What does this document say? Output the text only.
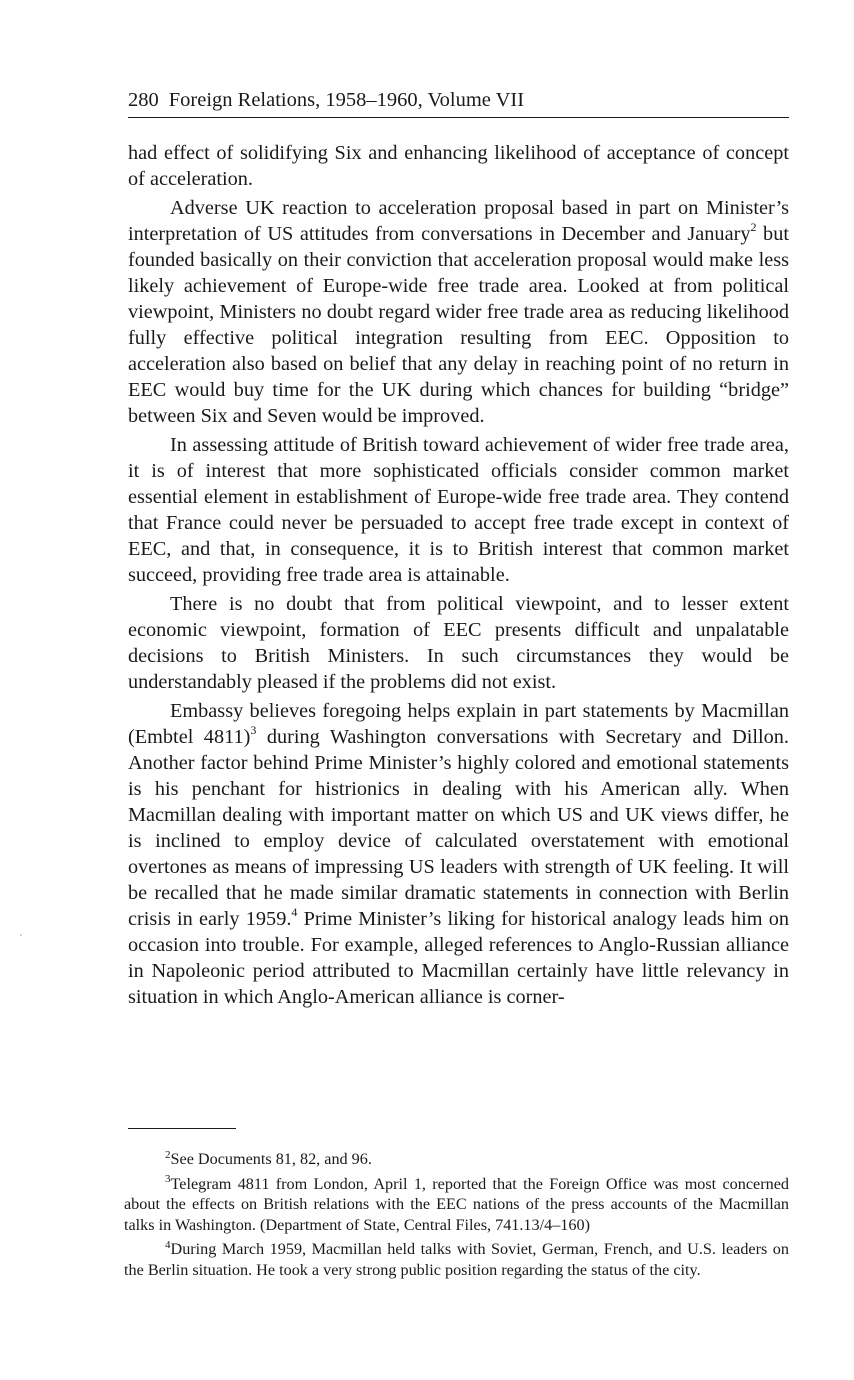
280 Foreign Relations, 1958–1960, Volume VII

had effect of solidifying Six and enhancing likelihood of acceptance of concept of acceleration.

Adverse UK reaction to acceleration proposal based in part on Minister’s interpretation of US attitudes from conversations in December and January$^2$ but founded basically on their conviction that acceleration proposal would make less likely achievement of Europe-wide free trade area. Looked at from political viewpoint, Ministers no doubt regard wider free trade area as reducing likelihood fully effective political integration resulting from EEC. Opposition to acceleration also based on belief that any delay in reaching point of no return in EEC would buy time for the UK during which chances for building “bridge” between Six and Seven would be improved.

In assessing attitude of British toward achievement of wider free trade area, it is of interest that more sophisticated officials consider common market essential element in establishment of Europe-wide free trade area. They contend that France could never be persuaded to accept free trade except in context of EEC, and that, in consequence, it is to British interest that common market succeed, providing free trade area is attainable.

There is no doubt that from political viewpoint, and to lesser extent economic viewpoint, formation of EEC presents difficult and unpalatable decisions to British Ministers. In such circumstances they would be understandably pleased if the problems did not exist.

Embassy believes foregoing helps explain in part statements by Macmillan (Embtel 4811)$^3$ during Washington conversations with Secretary and Dillon. Another factor behind Prime Minister’s highly colored and emotional statements is his penchant for histrionics in dealing with his American ally. When Macmillan dealing with important matter on which US and UK views differ, he is inclined to employ device of calculated overstatement with emotional overtones as means of impressing US leaders with strength of UK feeling. It will be recalled that he made similar dramatic statements in connection with Berlin crisis in early 1959.$^4$ Prime Minister’s liking for historical analogy leads him on occasion into trouble. For example, alleged references to Anglo-Russian alliance in Napoleonic period attributed to Macmillan certainly have little relevancy in situation in which Anglo-American alliance is corner-

$^2$See Documents 81, 82, and 96.

$^3$Telegram 4811 from London, April 1, reported that the Foreign Office was most concerned about the effects on British relations with the EEC nations of the press accounts of the Macmillan talks in Washington. (Department of State, Central Files, 741.13/4–160)

$^4$During March 1959, Macmillan held talks with Soviet, German, French, and U.S. leaders on the Berlin situation. He took a very strong public position regarding the status of the city.
